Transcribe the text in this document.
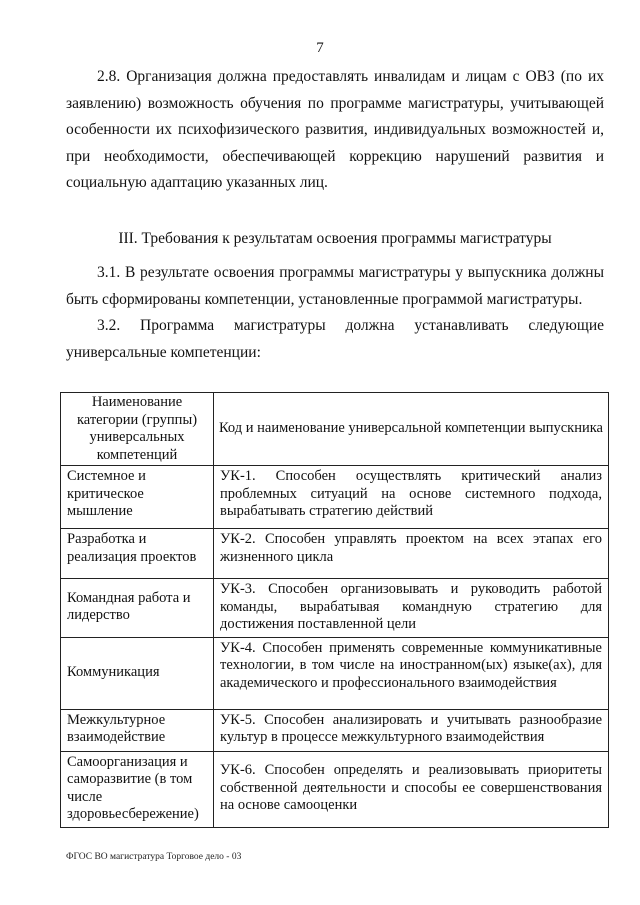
7
2.8. Организация должна предоставлять инвалидам и лицам с ОВЗ (по их заявлению) возможность обучения по программе магистратуры, учитывающей особенности их психофизического развития, индивидуальных возможностей и, при необходимости, обеспечивающей коррекцию нарушений развития и социальную адаптацию указанных лиц.
III. Требования к результатам освоения программы магистратуры
3.1. В результате освоения программы магистратуры у выпускника должны быть сформированы компетенции, установленные программой магистратуры.
3.2. Программа магистратуры должна устанавливать следующие универсальные компетенции:
Наименование категории (группы) универсальных компетенций	Код и наименование универсальной компетенции выпускника
Системное и критическое мышление	УК-1. Способен осуществлять критический анализ проблемных ситуаций на основе системного подхода, вырабатывать стратегию действий
Разработка и реализация проектов	УК-2. Способен управлять проектом на всех этапах его жизненного цикла
Командная работа и лидерство	УК-3. Способен организовывать и руководить работой команды, вырабатывая командную стратегию для достижения поставленной цели
Коммуникация	УК-4. Способен применять современные коммуникативные технологии, в том числе на иностранном(ых) языке(ах), для академического и профессионального взаимодействия
Межкультурное взаимодействие	УК-5. Способен анализировать и учитывать разнообразие культур в процессе межкультурного взаимодействия
Самоорганизация и саморазвитие (в том числе здоровьесбережение)	УК-6. Способен определять и реализовывать приоритеты собственной деятельности и способы ее совершенствования на основе самооценки
ФГОС ВО магистратура Торговое дело - 03
